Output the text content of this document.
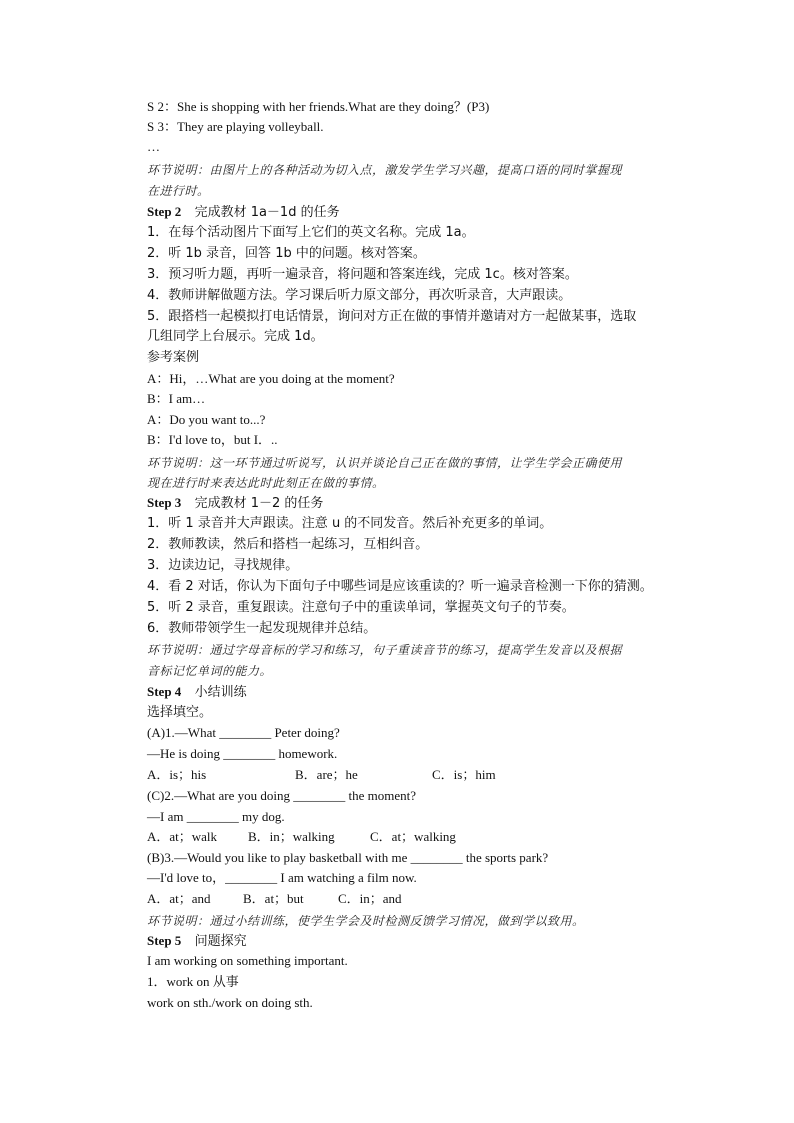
S 2：She is shopping with her friends.What are they doing？(P3)
S 3：They are playing volleyball.
…
环节说明：由图片上的各种活动为切入点，激发学生学习兴趣，提高口语的同时掌握现
在进行时。
Step 2 完成教材 1a－1d 的任务
1．在每个活动图片下面写上它们的英文名称。完成 1a。
2．听 1b 录音，回答 1b 中的问题。核对答案。
3．预习听力题，再听一遍录音，将问题和答案连线，完成 1c。核对答案。
4．教师讲解做题方法。学习课后听力原文部分，再次听录音，大声跟读。
5．跟搭档一起模拟打电话情景，询问对方正在做的事情并邀请对方一起做某事，选取
几组同学上台展示。完成 1d。
参考案例
A：Hi，…What are you doing at the moment?
B：I am…
A：Do you want to...?
B：I'd love to，but I．..
环节说明：这一环节通过听说写，认识并谈论自己正在做的事情，让学生学会正确使用
现在进行时来表达此时此刻正在做的事情。
Step 3 完成教材 1－2 的任务
1．听 1 录音并大声跟读。注意 u 的不同发音。然后补充更多的单词。
2．教师教读，然后和搭档一起练习，互相纠音。
3．边读边记，寻找规律。
4．看 2 对话，你认为下面句子中哪些词是应该重读的？听一遍录音检测一下你的猜测。
5．听 2 录音，重复跟读。注意句子中的重读单词，掌握英文句子的节奏。
6．教师带领学生一起发现规律并总结。
环节说明：通过字母音标的学习和练习，句子重读音节的练习，提高学生发音以及根据
音标记忆单词的能力。
Step 4 小结训练
选择填空。
(A)1.—What ________ Peter doing?
—He is doing ________ homework.
A．is；his	B．are；he	C．is；him
(C)2.—What are you doing ________ the moment?
—I am ________ my dog.
A．at；walk B．in；walking	C．at；walking
(B)3.—Would you like to play basketball with me ________ the sports park?
—I'd love to，________ I am watching a film now.
A．at；and B．at；but	C．in；and
环节说明：通过小结训练，使学生学会及时检测反馈学习情况，做到学以致用。
Step 5 问题探究
I am working on something important.
1．work on 从事
work on sth./work on doing sth.
